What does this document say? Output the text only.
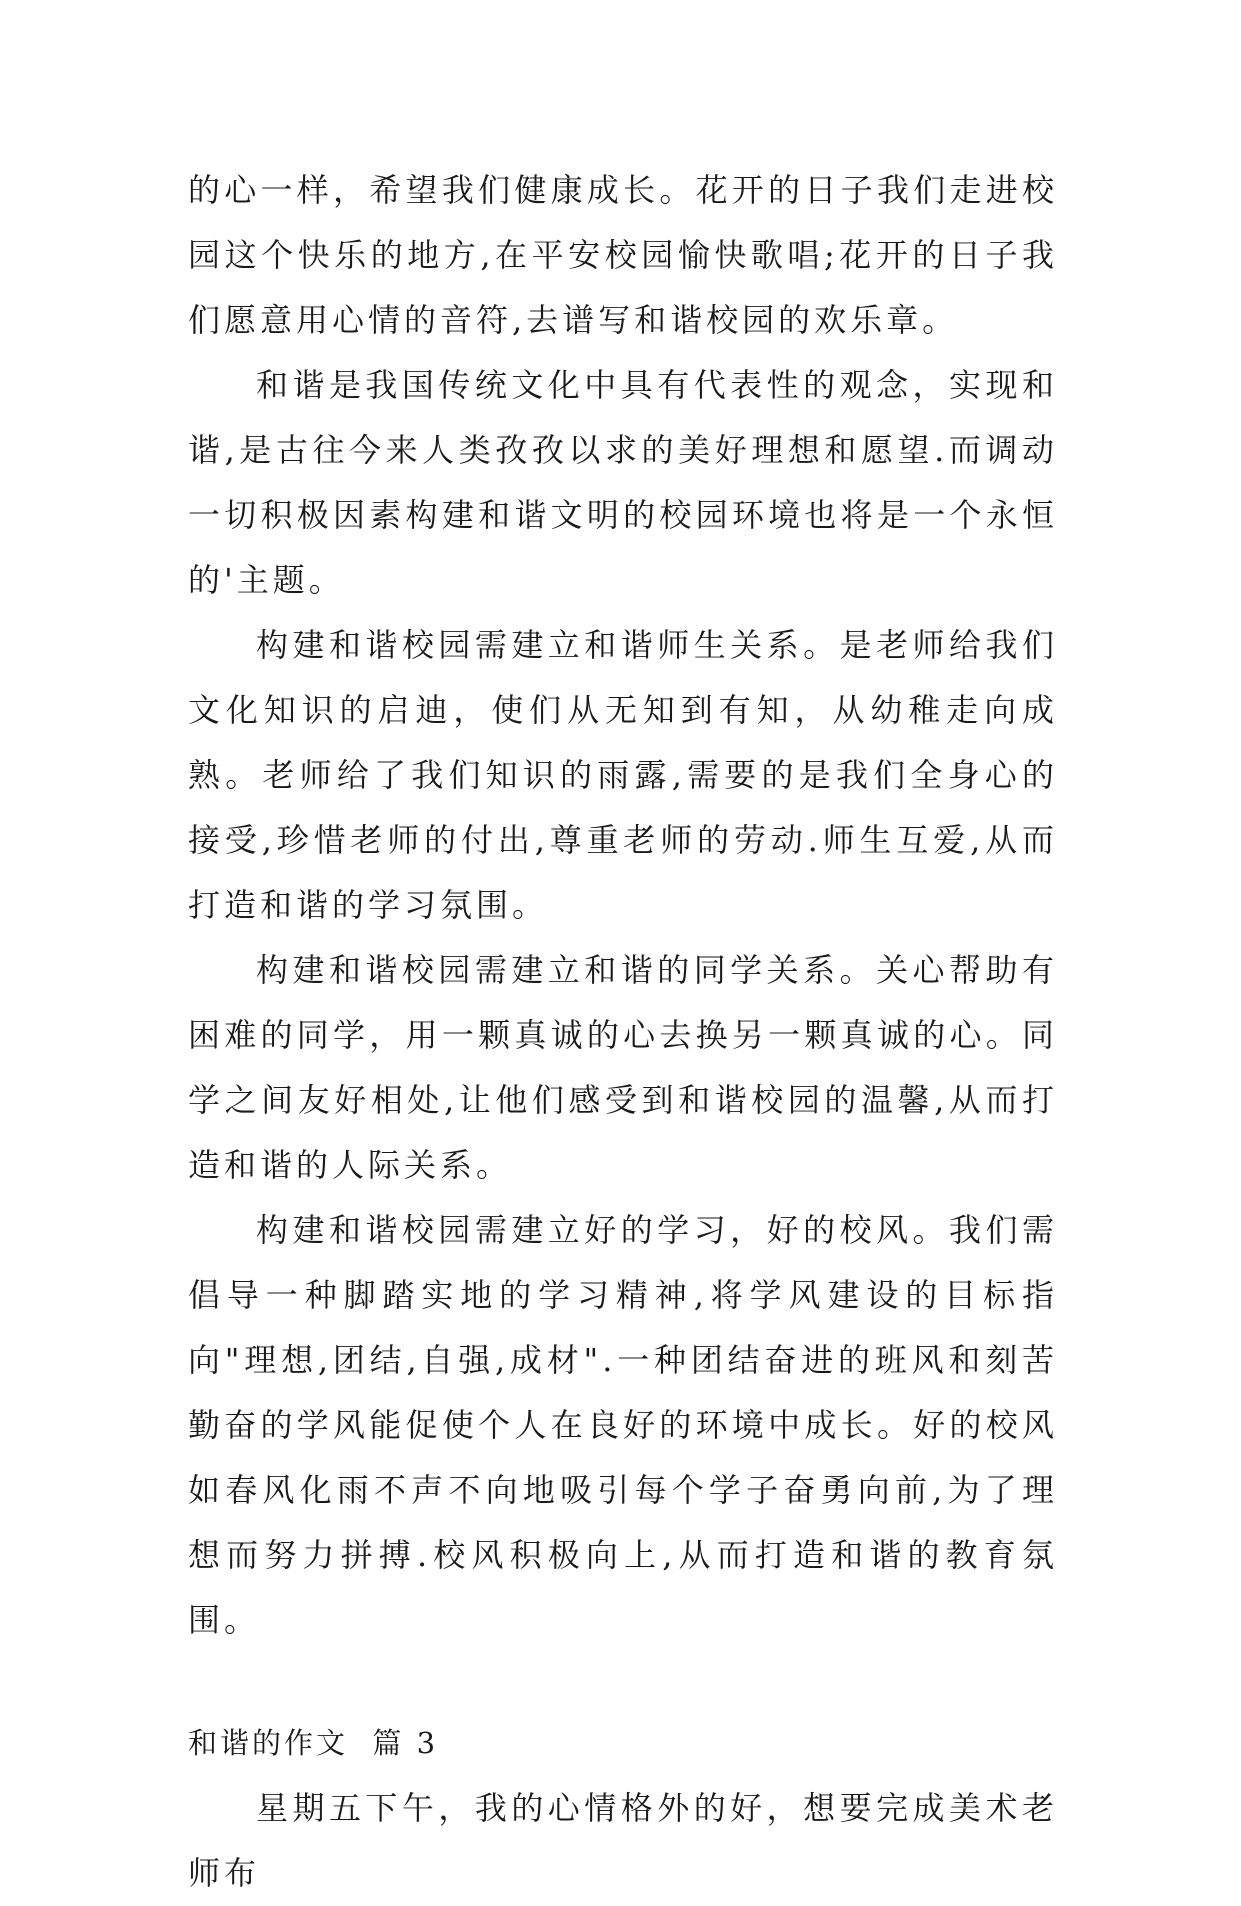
的心一样，希望我们健康成长。花开的日子我们走进校园这个快乐的地方,在平安校园愉快歌唱;花开的日子我们愿意用心情的音符,去谱写和谐校园的欢乐章。

和谐是我国传统文化中具有代表性的观念，实现和谐,是古往今来人类孜孜以求的美好理想和愿望.而调动一切积极因素构建和谐文明的校园环境也将是一个永恒的'主题。

构建和谐校园需建立和谐师生关系。是老师给我们文化知识的启迪，使们从无知到有知，从幼稚走向成熟。老师给了我们知识的雨露,需要的是我们全身心的接受,珍惜老师的付出,尊重老师的劳动.师生互爱,从而打造和谐的学习氛围。

构建和谐校园需建立和谐的同学关系。关心帮助有困难的同学，用一颗真诚的心去换另一颗真诚的心。同学之间友好相处,让他们感受到和谐校园的温馨,从而打造和谐的人际关系。

构建和谐校园需建立好的学习，好的校风。我们需倡导一种脚踏实地的学习精神,将学风建设的目标指向"理想,团结,自强,成材".一种团结奋进的班风和刻苦勤奋的学风能促使个人在良好的环境中成长。好的校风如春风化雨不声不向地吸引每个学子奋勇向前,为了理想而努力拼搏.校风积极向上,从而打造和谐的教育氛围。

和谐的作文  篇 3

星期五下午，我的心情格外的好，想要完成美术老师布
